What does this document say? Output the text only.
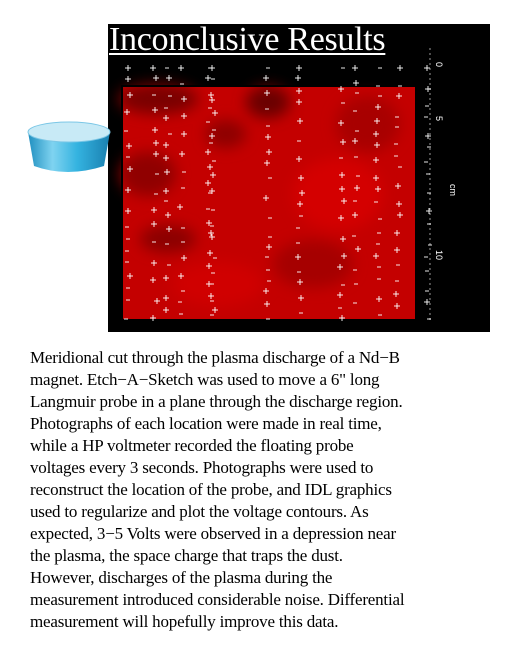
0
5
10
cm
Inconclusive Results

Meridional cut through the plasma discharge of a Nd−B
magnet. Etch−A−Sketch was used to move a 6" long
Langmuir probe in a plane through the discharge region.
Photographs of each location were made in real time,
while a HP voltmeter recorded the floating probe
voltages every 3 seconds. Photographs were used to
reconstruct the location of the probe, and IDL graphics
used to regularize and plot the voltage contours. As
expected, 3−5 Volts were observed in a depression near
the plasma, the space charge that traps the dust.
However, discharges of the plasma during the
measurement introduced considerable noise. Differential
measurement will hopefully improve this data.
